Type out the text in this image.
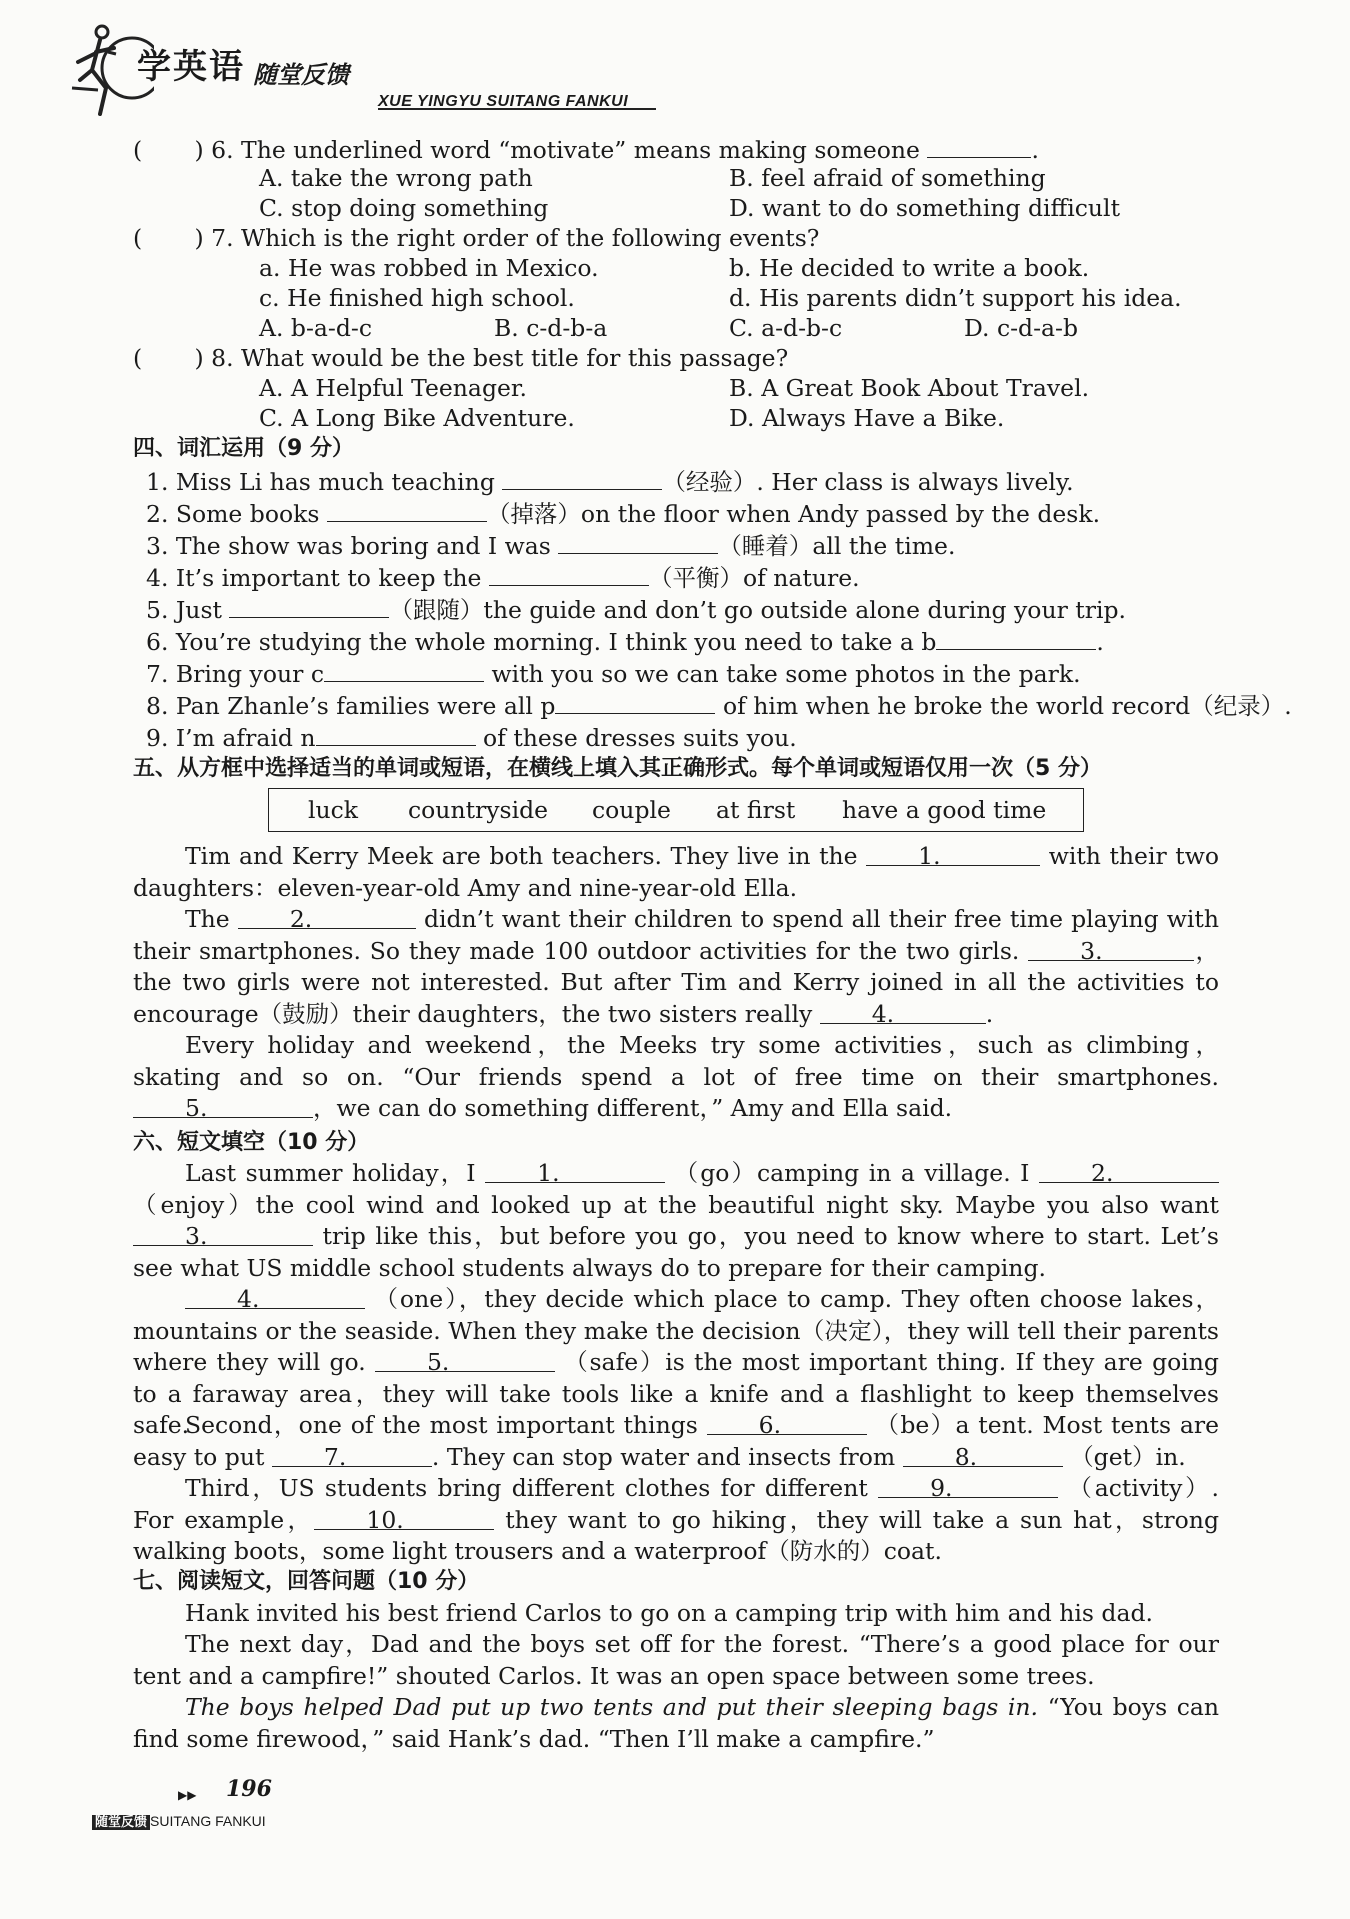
学英语 随堂反馈
XUE YINGYU SUITANG FANKUI
(       ) 6. The underlined word “motivate” means making someone	.
A. take the wrong path	B. feel afraid of something
C. stop doing something	D. want to do something difficult
(       ) 7. Which is the right order of the following events?
a. He was robbed in Mexico.	b. He decided to write a book.
c. He finished high school.	d. His parents didn’t support his idea.
A. b-a-d-c	B. c-d-b-a	C. a-d-b-c	D. c-d-a-b
(       ) 8. What would be the best title for this passage?
A. A Helpful Teenager.	B. A Great Book About Travel.
C. A Long Bike Adventure.	D. Always Have a Bike.
四、词汇运用（9 分）
1. Miss Li has much teaching	（经验）. Her class is always lively.
2. Some books	（掉落）on the floor when Andy passed by the desk.
3. The show was boring and I was	（睡着）all the time.
4. It’s important to keep the	（平衡）of nature.
5. Just	（跟随）the guide and don’t go outside alone during your trip.
6. You’re studying the whole morning. I think you need to take a b	.
7. Bring your c	with you so we can take some photos in the park.
8. Pan Zhanle’s families were all p	of him when he broke the world record（纪录）.
9. I’m afraid n	of these dresses suits you.
五、从方框中选择适当的单词或短语，在横线上填入其正确形式。每个单词或短语仅用一次（5 分）
luck countryside couple at first have a good time
Tim and Kerry Meek are both teachers. They live in the	1.	with their two daughters：eleven-year-old Amy and nine-year-old Ella.
The	2.	didn’t want their children to spend all their free time playing with their smartphones. So they made 100 outdoor activities for the two girls.	3.	，the two girls were not interested. But after Tim and Kerry joined in all the activities to encourage（鼓励）their daughters，the two sisters really	4.	.
Every holiday and weekend，the Meeks try some activities，such as climbing，skating and so on. “Our friends spend a lot of free time on their smartphones. 5.	，we can do something different，” Amy and Ella said.
六、短文填空（10 分）
Last summer holiday，I	1.	（go）camping in a village. I	2. （enjoy）the cool wind and looked up at the beautiful night sky. Maybe you also want 3.	trip like this，but before you go，you need to know where to start. Let’s see what US middle school students always do to prepare for their camping.
4.	（one），they decide which place to camp. They often choose lakes，mountains or the seaside. When they make the decision（决定），they will tell their parents where they will go.	5.	（safe）is the most important thing. If they are going to a faraway area，they will take tools like a knife and a flashlight to keep themselves safe.
Second，one of the most important things	6.	（be）a tent. Most tents are easy to put	7.	. They can stop water and insects from	8.	（get）in.
Third，US students bring different clothes for different	9.	（activity）. For example， 10.	they want to go hiking，they will take a sun hat，strong walking boots，some light trousers and a waterproof（防水的）coat.
七、阅读短文，回答问题（10 分）
Hank invited his best friend Carlos to go on a camping trip with him and his dad.
The next day，Dad and the boys set off for the forest. “There’s a good place for our tent and a campfire!” shouted Carlos. It was an open space between some trees.
The boys helped Dad put up two tents and put their sleeping bags in. “You boys can find some firewood，” said Hank’s dad. “Then I’ll make a campfire.”
▶▶ 196
随堂反馈 SUITANG FANKUI
